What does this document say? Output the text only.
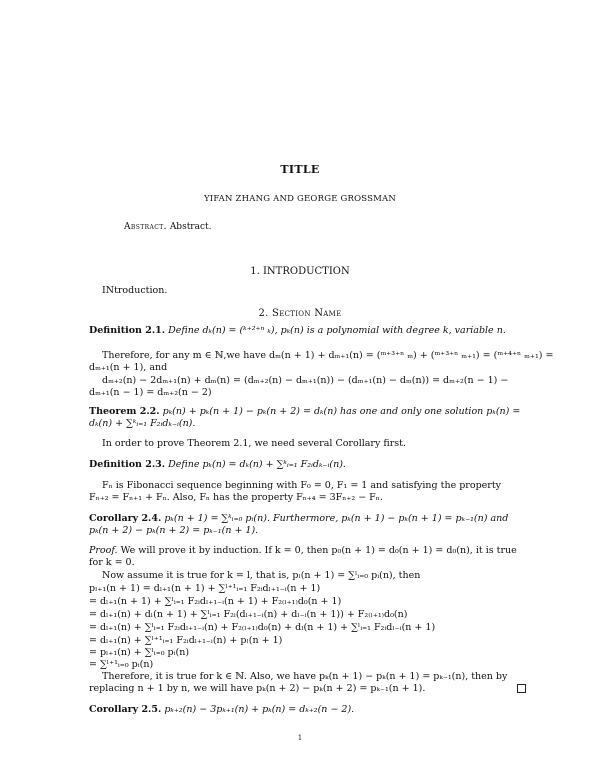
TITLE
YIFAN ZHANG AND GEORGE GROSSMAN
Abstract. Abstract.
1. INTRODUCTION
INtroduction.
2. Section Name
Definition 2.1. Define dₖ(n) = (ᵏ⁺²⁺ⁿ ₖ), pₖ(n) is a polynomial with degree k, variable n.
Therefore, for any m ∈ ℕ,we have dₘ(n + 1) + dₘ₊₁(n) = (ᵐ⁺³⁺ⁿ ₘ) + (ᵐ⁺³⁺ⁿ ₘ₊₁) = (ᵐ⁺⁴⁺ⁿ ₘ₊₁) =
dₘ₊₁(n + 1), and
dₘ₊₂(n) − 2dₘ₊₁(n) + dₘ(n) = (dₘ₊₂(n) − dₘ₊₁(n)) − (dₘ₊₁(n) − dₘ(n)) = dₘ₊₂(n − 1) −
dₘ₊₁(n − 1) = dₘ₊₂(n − 2)
Theorem 2.2. pₖ(n) + pₖ(n + 1) − pₖ(n + 2) = dₖ(n) has one and only one solution pₖ(n) =
dₖ(n) + ∑ᵏᵢ₌₁ F₂ᵢdₖ₋ᵢ(n).
In order to prove Theorem 2.1, we need several Corollary first.
Definition 2.3. Define pₖ(n) = dₖ(n) + ∑ᵏᵢ₌₁ F₂ᵢdₖ₋ᵢ(n).
Fₙ is Fibonacci sequence beginning with F₀ = 0, F₁ = 1 and satisfying the property
Fₙ₊₂ = Fₙ₊₁ + Fₙ. Also, Fₙ has the property Fₙ₊₄ = 3Fₙ₊₂ − Fₙ.
Corollary 2.4. pₖ(n + 1) = ∑ᵏᵢ₌₀ pᵢ(n). Furthermore, pₖ(n + 1) − pₖ(n + 1) = pₖ₋₁(n) and
pₖ(n + 2) − pₖ(n + 2) = pₖ₋₁(n + 1).
Proof. We will prove it by induction. If k = 0, then p₀(n + 1) = d₀(n + 1) = d₀(n), it is true
for k = 0.
Now assume it is true for k = l, that is, pₗ(n + 1) = ∑ˡᵢ₌₀ pᵢ(n), then
pₗ₊₁(n + 1) = dₗ₊₁(n + 1) + ∑ˡ⁺¹ᵢ₌₁ F₂ᵢdₗ₊₁₋ᵢ(n + 1)
= dₗ₊₁(n + 1) + ∑ˡᵢ₌₁ F₂ᵢdₗ₊₁₋ᵢ(n + 1) + F₂₍ₗ₊₁₎d₀(n + 1)
= dₗ₊₁(n) + dₗ(n + 1) + ∑ˡᵢ₌₁ F₂ᵢ(dₗ₊₁₋ᵢ(n) + dₗ₋ᵢ(n + 1)) + F₂₍ₗ₊₁₎d₀(n)
= dₗ₊₁(n) + ∑ˡᵢ₌₁ F₂ᵢdₗ₊₁₋ᵢ(n) + F₂₍ₗ₊₁₎d₀(n) + dₗ(n + 1) + ∑ˡᵢ₌₁ F₂ᵢdₗ₋ᵢ(n + 1)
= dₗ₊₁(n) + ∑ˡ⁺¹ᵢ₌₁ F₂ᵢdₗ₊₁₋ᵢ(n) + pₗ(n + 1)
= pₗ₊₁(n) + ∑ˡᵢ₌₀ pᵢ(n)
= ∑ˡ⁺¹ᵢ₌₀ pᵢ(n)
Therefore, it is true for k ∈ ℕ. Also, we have pₖ(n + 1) − pₖ(n + 1) = pₖ₋₁(n), then by
replacing n + 1 by n, we will have pₖ(n + 2) − pₖ(n + 2) = pₖ₋₁(n + 1).
Corollary 2.5. pₖ₊₂(n) − 3pₖ₊₁(n) + pₖ(n) = dₖ₊₂(n − 2).
1
